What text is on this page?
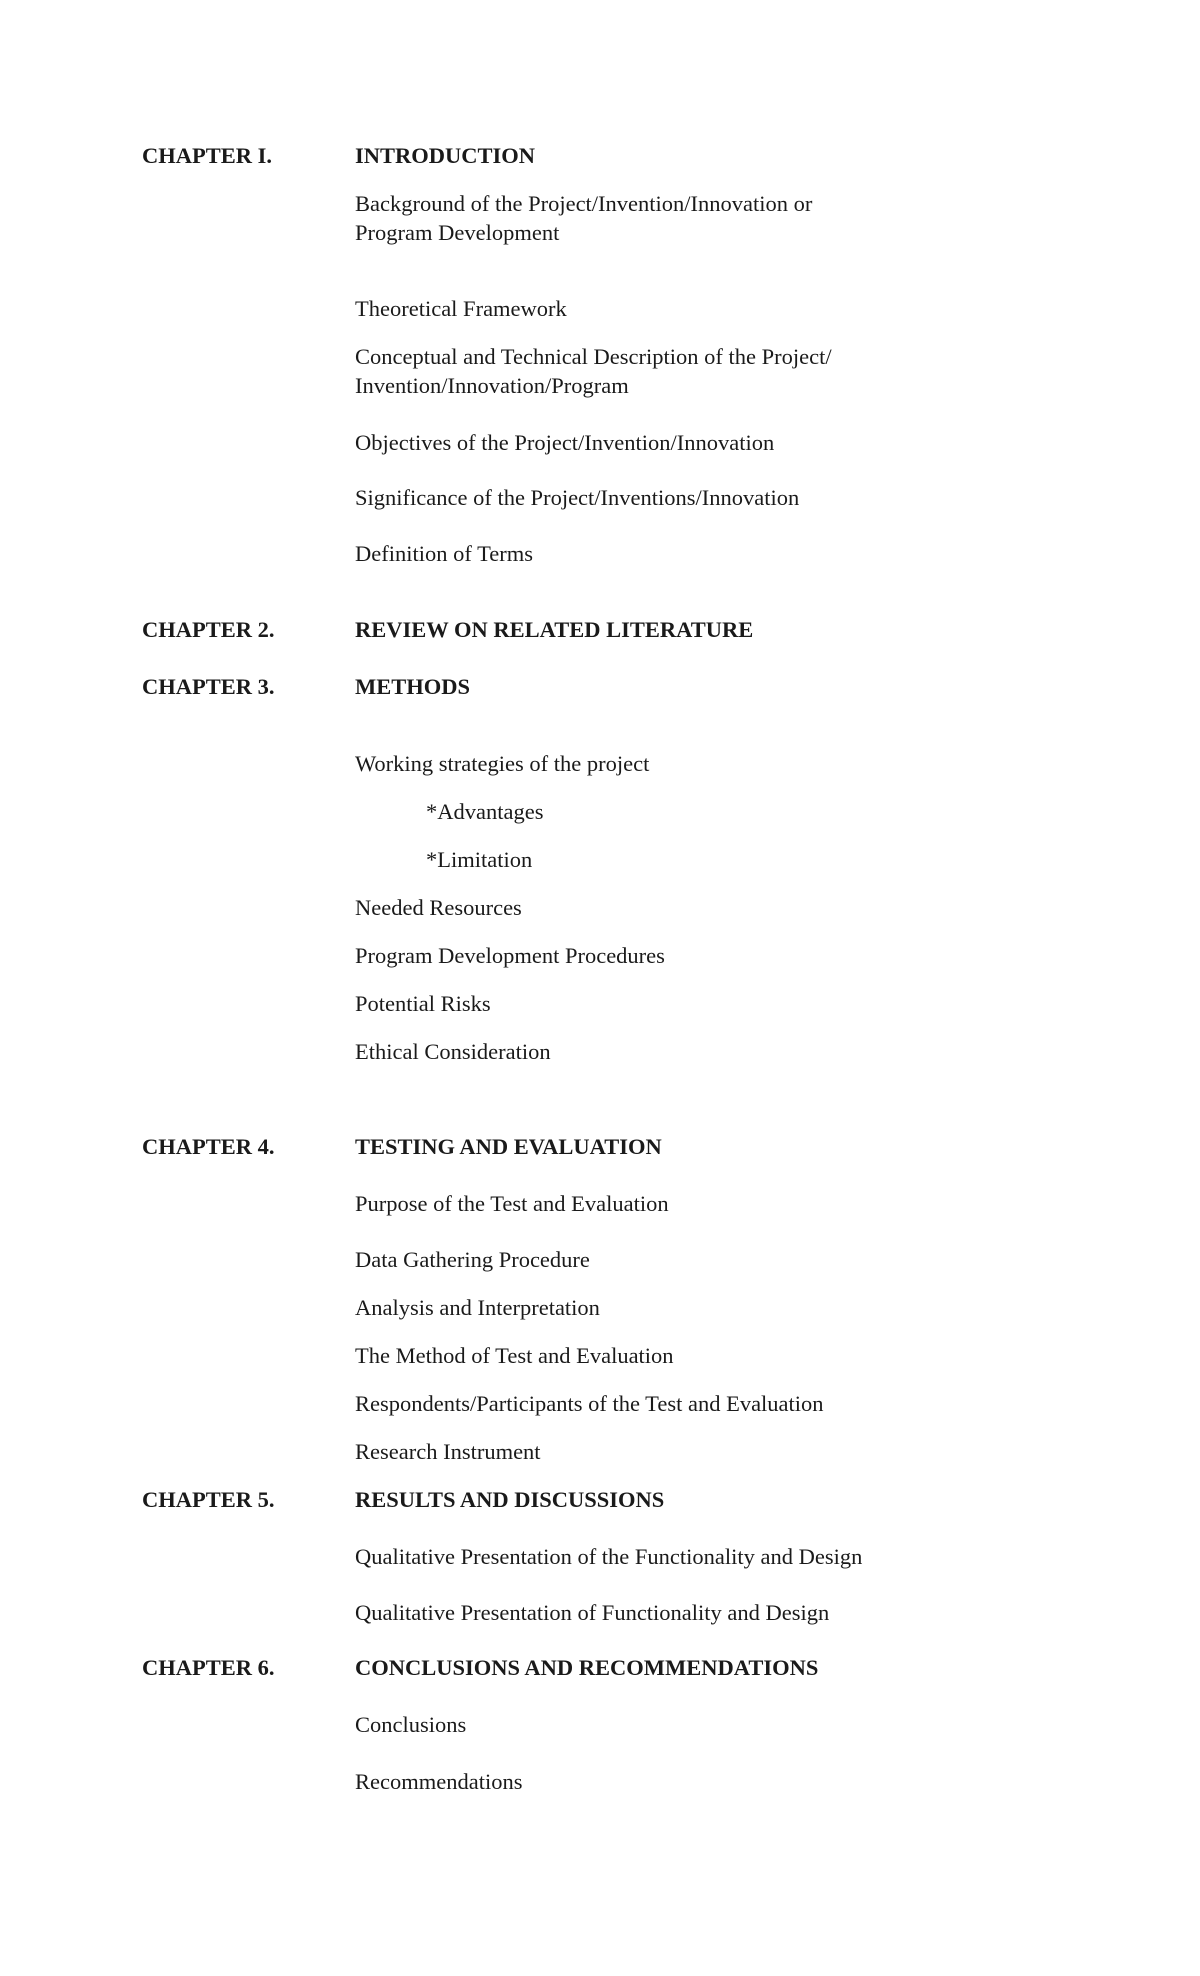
CHAPTER I.	INTRODUCTION
Background of the Project/Invention/Innovation or
Program Development
Theoretical Framework
Conceptual and Technical Description of the Project/
Invention/Innovation/Program
Objectives of the Project/Invention/Innovation
Significance of the Project/Inventions/Innovation
Definition of Terms
CHAPTER 2.	REVIEW ON RELATED LITERATURE
CHAPTER 3.	METHODS
Working strategies of the project
*Advantages
*Limitation
Needed Resources
Program Development Procedures
Potential Risks
Ethical Consideration
CHAPTER 4.	TESTING AND EVALUATION
Purpose of the Test and Evaluation
Data Gathering Procedure
Analysis and Interpretation
The Method of Test and Evaluation
Respondents/Participants of the Test and Evaluation
Research Instrument
CHAPTER 5.	RESULTS AND DISCUSSIONS
Qualitative Presentation of the Functionality and Design
Qualitative Presentation of Functionality and Design
CHAPTER 6.	CONCLUSIONS AND RECOMMENDATIONS
Conclusions
Recommendations
